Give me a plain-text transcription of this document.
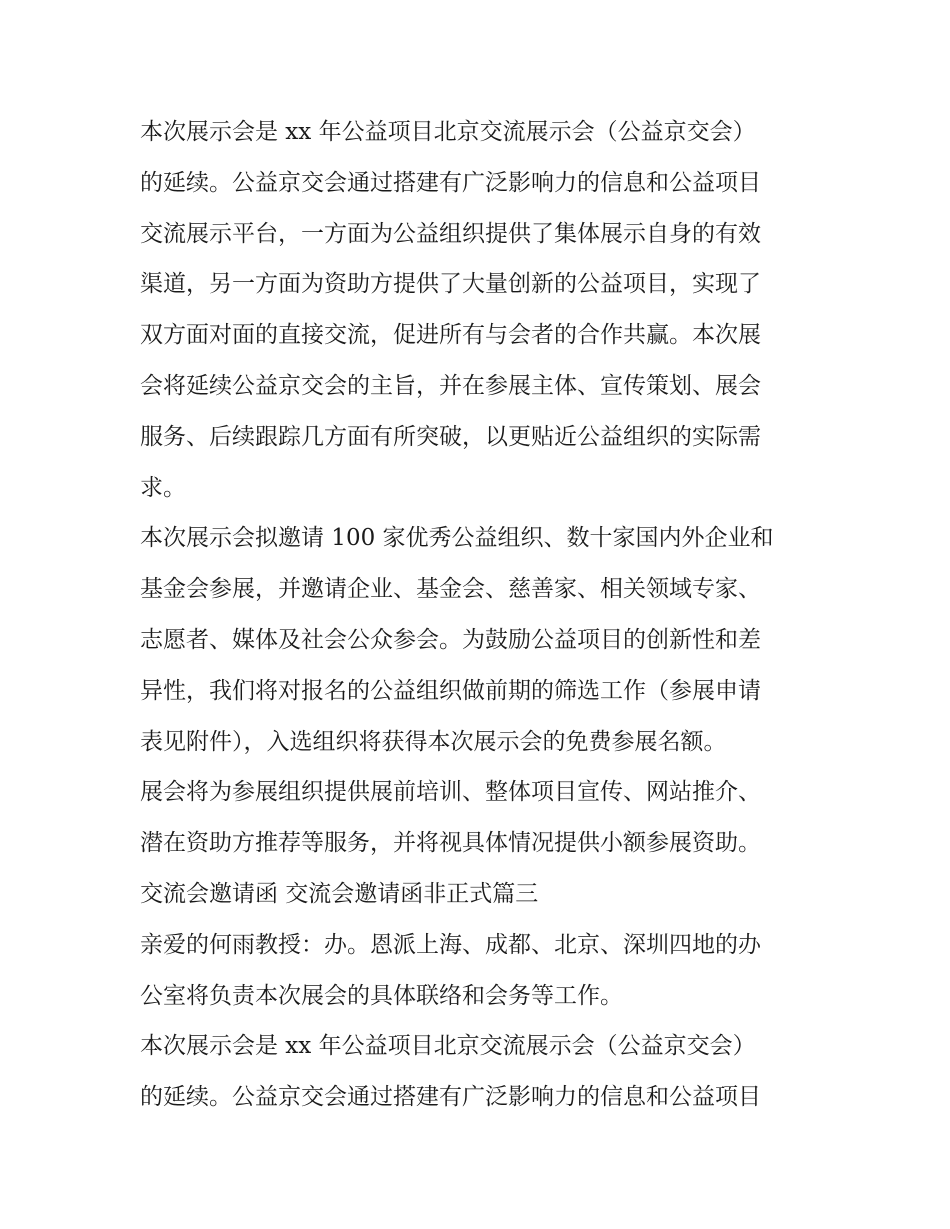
本次展示会是 xx 年公益项目北京交流展示会（公益京交会）
的延续。公益京交会通过搭建有广泛影响力的信息和公益项目
交流展示平台，一方面为公益组织提供了集体展示自身的有效
渠道，另一方面为资助方提供了大量创新的公益项目，实现了
双方面对面的直接交流，促进所有与会者的合作共赢。本次展
会将延续公益京交会的主旨，并在参展主体、宣传策划、展会
服务、后续跟踪几方面有所突破，以更贴近公益组织的实际需
求。
本次展示会拟邀请 100 家优秀公益组织、数十家国内外企业和
基金会参展，并邀请企业、基金会、慈善家、相关领域专家、
志愿者、媒体及社会公众参会。为鼓励公益项目的创新性和差
异性，我们将对报名的公益组织做前期的筛选工作（参展申请
表见附件），入选组织将获得本次展示会的免费参展名额。
展会将为参展组织提供展前培训、整体项目宣传、网站推介、
潜在资助方推荐等服务，并将视具体情况提供小额参展资助。
交流会邀请函 交流会邀请函非正式篇三
亲爱的何雨教授：办。恩派上海、成都、北京、深圳四地的办
公室将负责本次展会的具体联络和会务等工作。
本次展示会是 xx 年公益项目北京交流展示会（公益京交会）
的延续。公益京交会通过搭建有广泛影响力的信息和公益项目
